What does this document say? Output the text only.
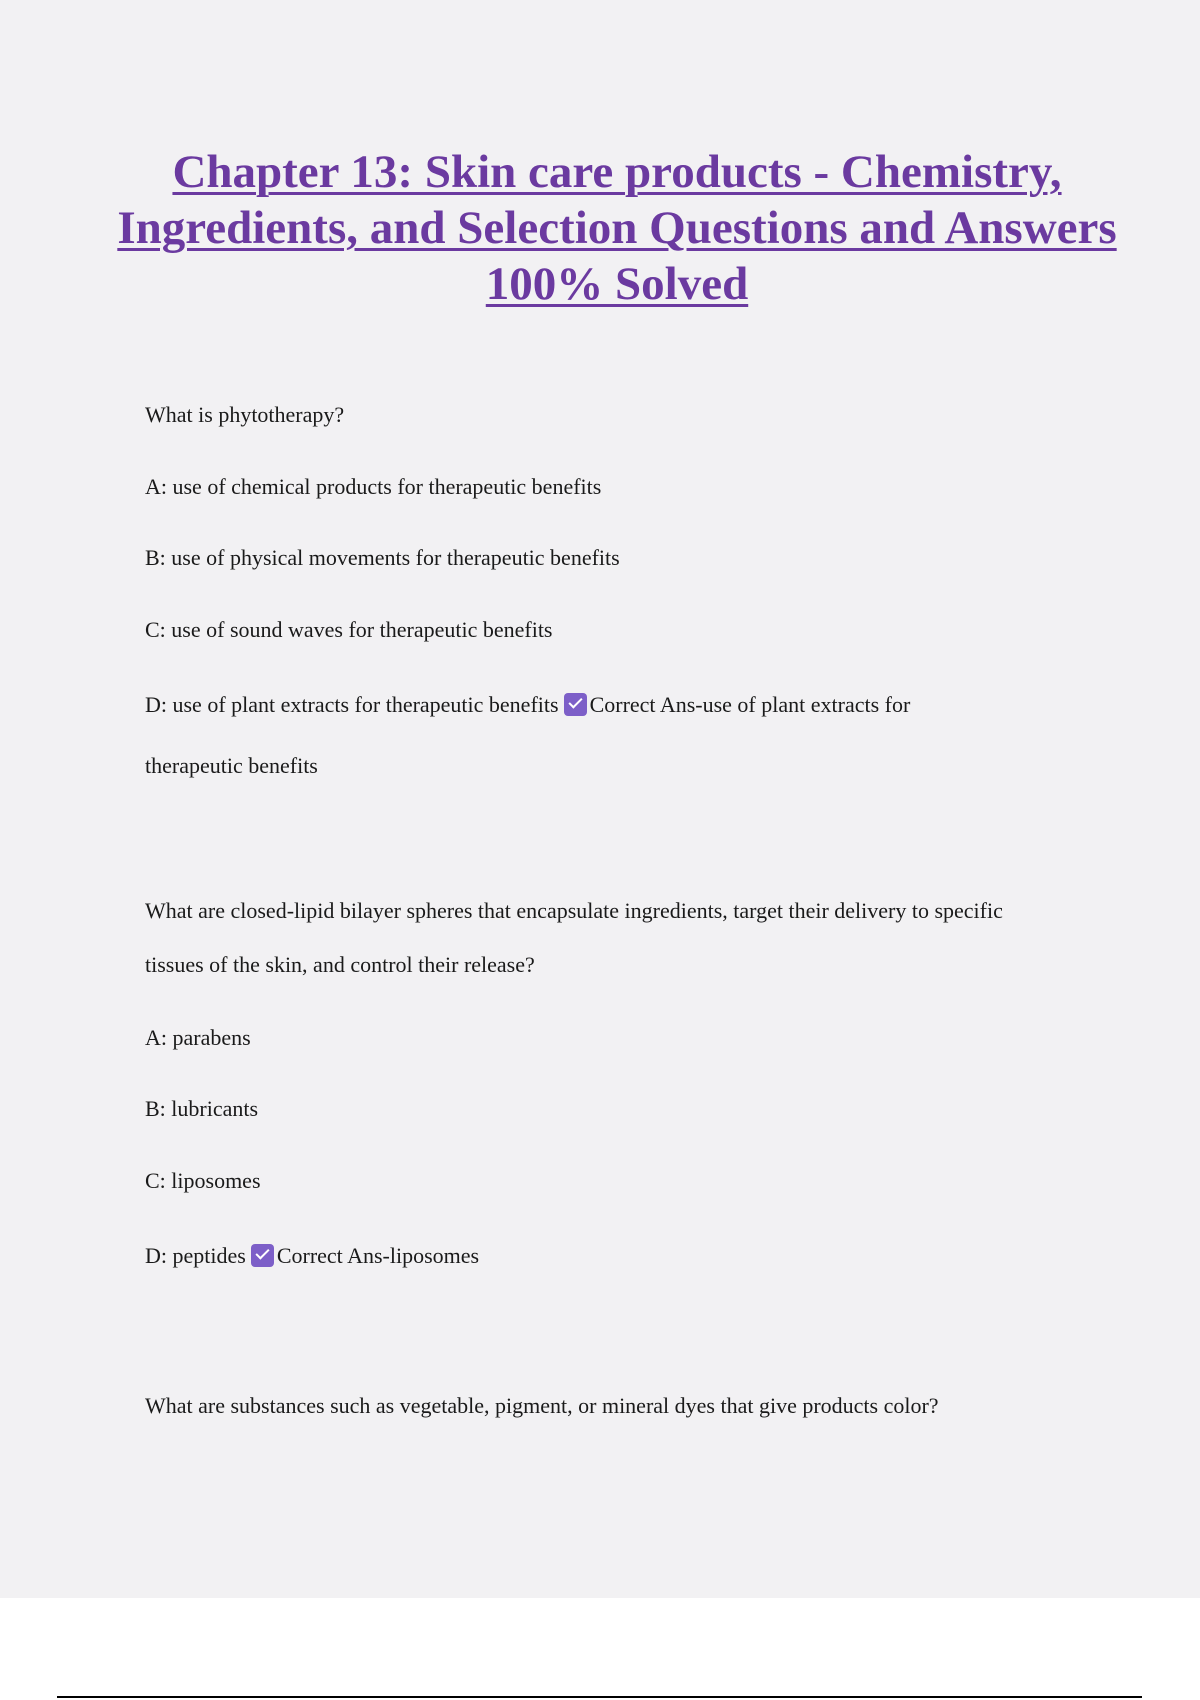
Chapter 13: Skin care products - Chemistry, Ingredients, and Selection Questions and Answers 100% Solved

What is phytotherapy?

A: use of chemical products for therapeutic benefits

B: use of physical movements for therapeutic benefits

C: use of sound waves for therapeutic benefits

D: use of plant extracts for therapeutic benefits Correct Ans-use of plant extracts for

therapeutic benefits

What are closed-lipid bilayer spheres that encapsulate ingredients, target their delivery to specific

tissues of the skin, and control their release?

A: parabens

B: lubricants

C: liposomes

D: peptides Correct Ans-liposomes

What are substances such as vegetable, pigment, or mineral dyes that give products color?
